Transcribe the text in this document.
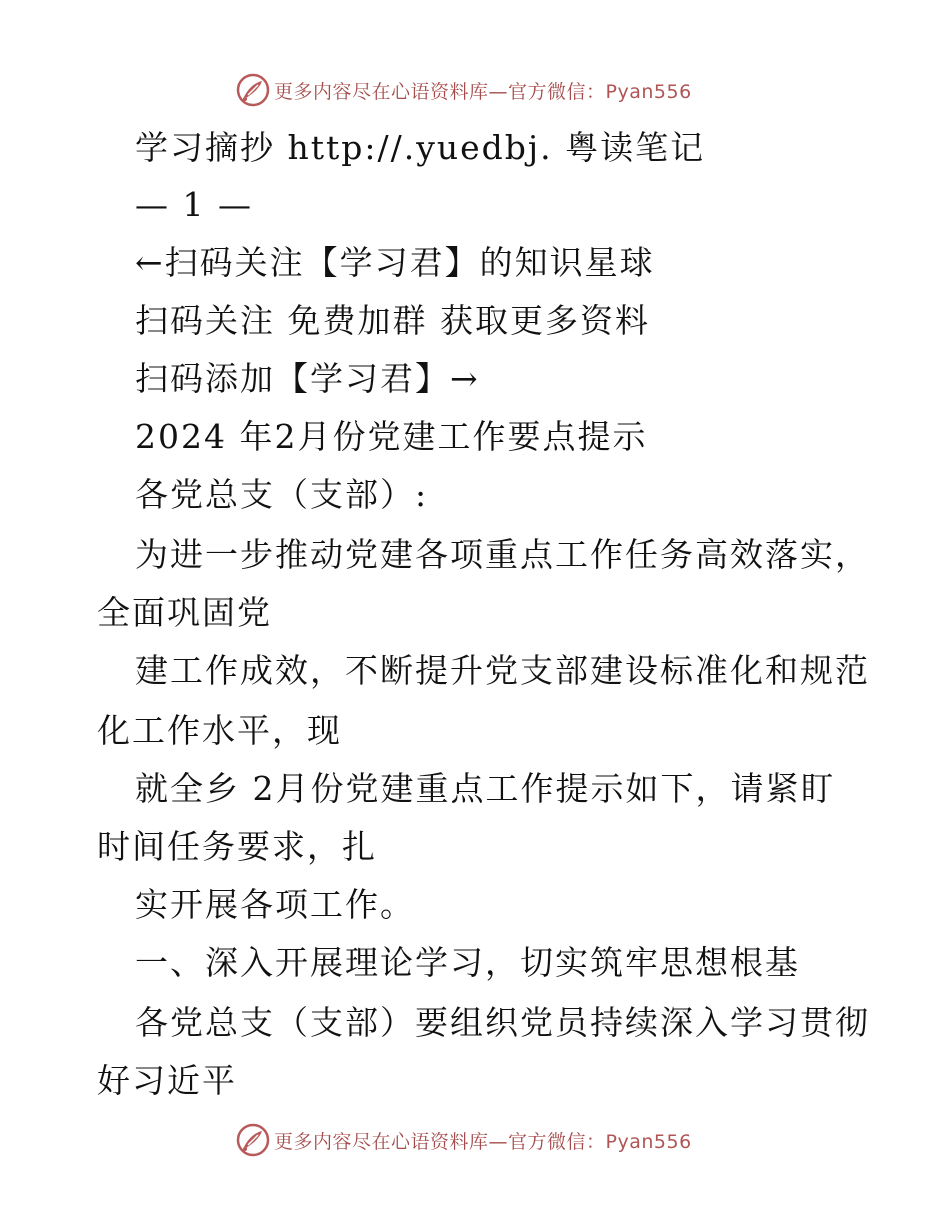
更多内容尽在心语资料库—官方微信：Pyan556
学习摘抄 http://.yuedbj. 粤读笔记
— 1 —
←扫码关注【学习君】的知识星球
扫码关注 免费加群 获取更多资料
扫码添加【学习君】→
2024 年2月份党建工作要点提示
各党总支（支部）:
为进一步推动党建各项重点工作任务高效落实，
全面巩固党
建工作成效，不断提升党支部建设标准化和规范
化工作水平，现
就全乡 2月份党建重点工作提示如下，请紧盯
时间任务要求，扎
实开展各项工作。
一、深入开展理论学习，切实筑牢思想根基
各党总支（支部）要组织党员持续深入学习贯彻
好习近平
更多内容尽在心语资料库—官方微信：Pyan556
